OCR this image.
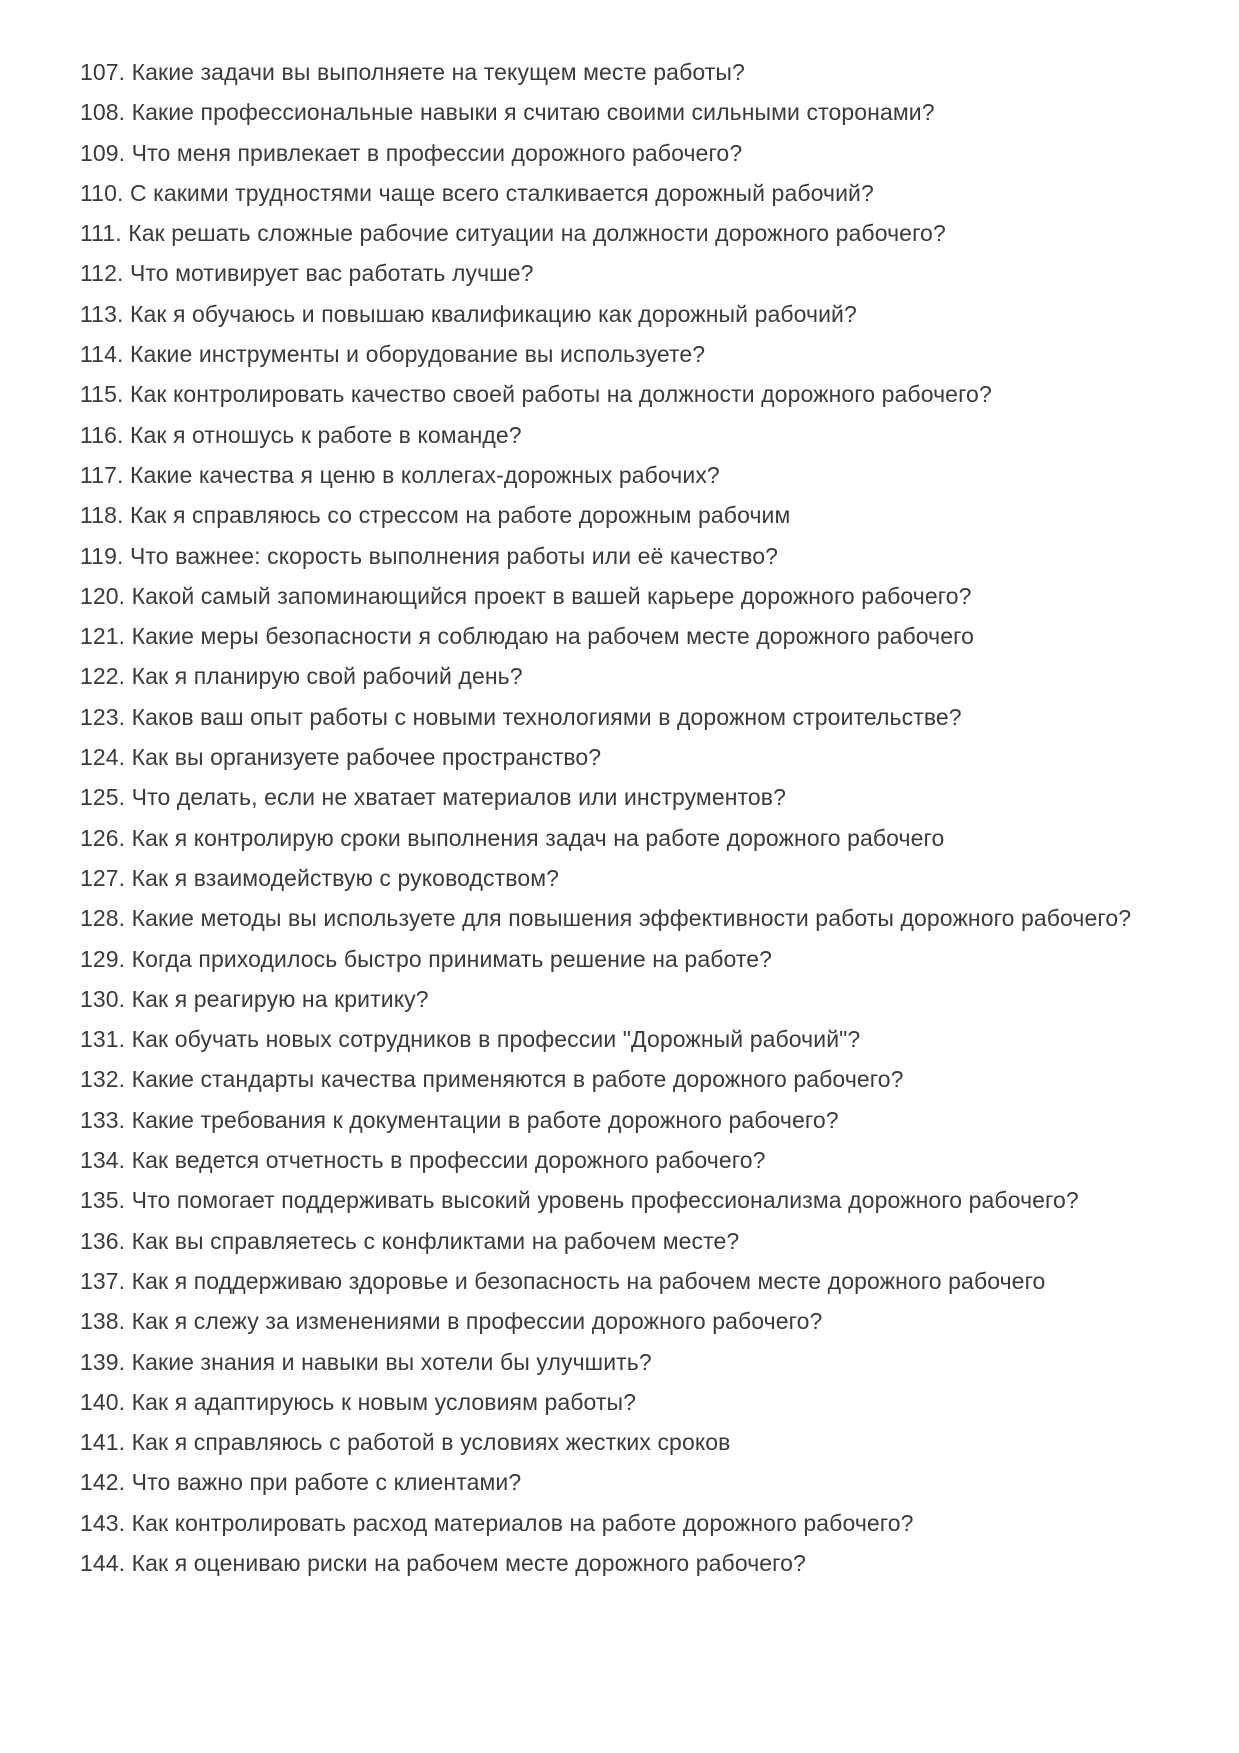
107. Какие задачи вы выполняете на текущем месте работы?

108. Какие профессиональные навыки я считаю своими сильными сторонами?

109. Что меня привлекает в профессии дорожного рабочего?

110. С какими трудностями чаще всего сталкивается дорожный рабочий?

111. Как решать сложные рабочие ситуации на должности дорожного рабочего?

112. Что мотивирует вас работать лучше?

113. Как я обучаюсь и повышаю квалификацию как дорожный рабочий?

114. Какие инструменты и оборудование вы используете?

115. Как контролировать качество своей работы на должности дорожного рабочего?

116. Как я отношусь к работе в команде?

117. Какие качества я ценю в коллегах-дорожных рабочих?

118. Как я справляюсь со стрессом на работе дорожным рабочим

119. Что важнее: скорость выполнения работы или её качество?

120. Какой самый запоминающийся проект в вашей карьере дорожного рабочего?

121. Какие меры безопасности я соблюдаю на рабочем месте дорожного рабочего

122. Как я планирую свой рабочий день?

123. Каков ваш опыт работы с новыми технологиями в дорожном строительстве?

124. Как вы организуете рабочее пространство?

125. Что делать, если не хватает материалов или инструментов?

126. Как я контролирую сроки выполнения задач на работе дорожного рабочего

127. Как я взаимодействую с руководством?

128. Какие методы вы используете для повышения эффективности работы дорожного рабочего?

129. Когда приходилось быстро принимать решение на работе?

130. Как я реагирую на критику?

131. Как обучать новых сотрудников в профессии "Дорожный рабочий"?

132. Какие стандарты качества применяются в работе дорожного рабочего?

133. Какие требования к документации в работе дорожного рабочего?

134. Как ведется отчетность в профессии дорожного рабочего?

135. Что помогает поддерживать высокий уровень профессионализма дорожного рабочего?

136. Как вы справляетесь с конфликтами на рабочем месте?

137. Как я поддерживаю здоровье и безопасность на рабочем месте дорожного рабочего

138. Как я слежу за изменениями в профессии дорожного рабочего?

139. Какие знания и навыки вы хотели бы улучшить?

140. Как я адаптируюсь к новым условиям работы?

141. Как я справляюсь с работой в условиях жестких сроков

142. Что важно при работе с клиентами?

143. Как контролировать расход материалов на работе дорожного рабочего?

144. Как я оцениваю риски на рабочем месте дорожного рабочего?
